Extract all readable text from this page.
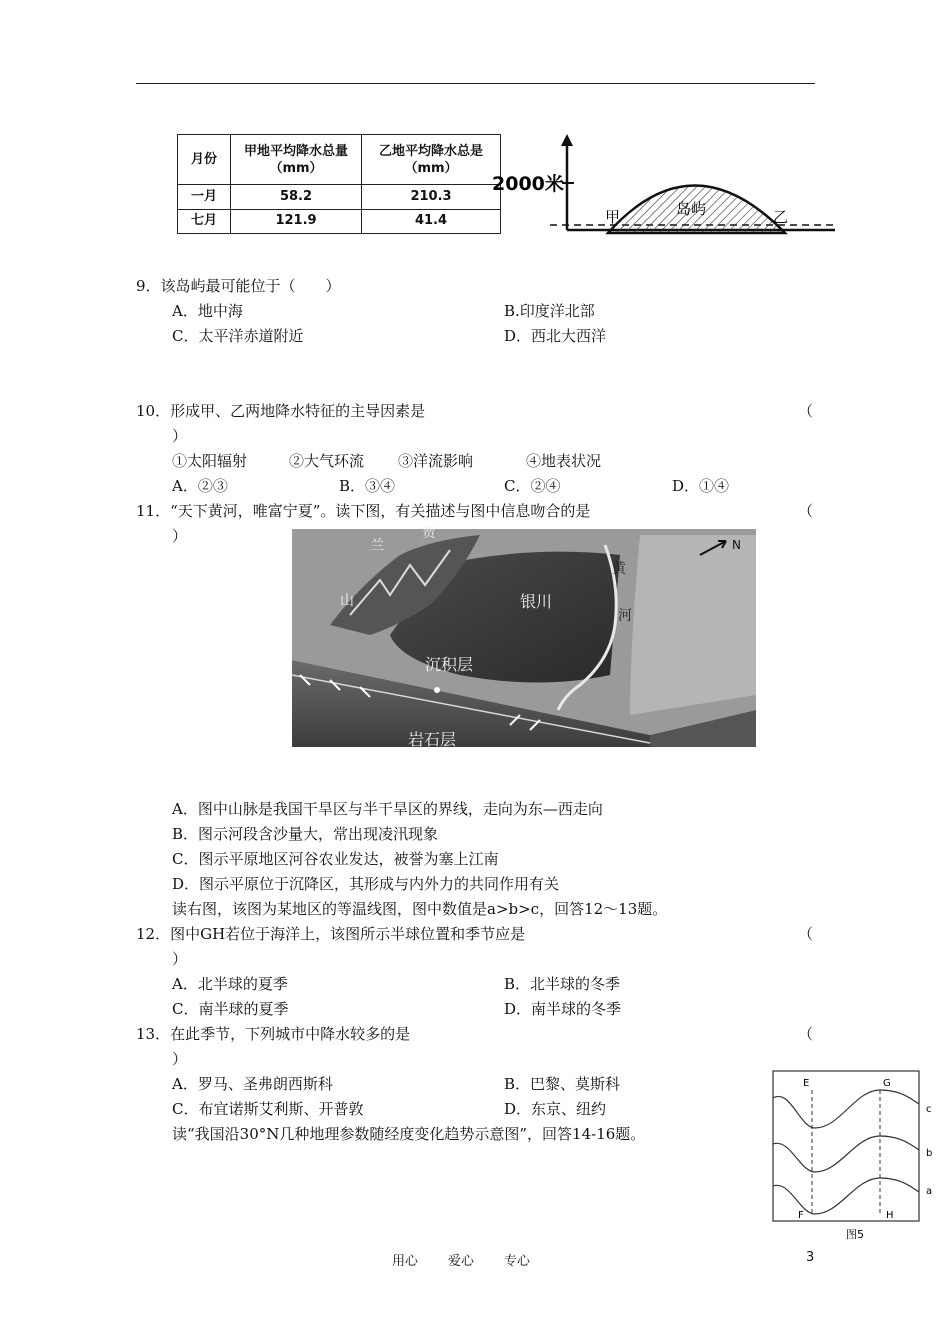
月份	甲地平均降水总量（mm）	乙地平均降水总是（mm）
一月	58.2	210.3
七月	121.9	41.4
2000米
甲	乙
岛屿
9．该岛屿最可能位于（　　）
A．地中海	B.印度洋北部
C．太平洋赤道附近	D．西北大西洋
10．形成甲、乙两地降水特征的主导因素是	（
）
①太阳辐射	②大气环流 ③洋流影响	④地表状况
A．②③	B．③④	C．②④	D．①④
11．“天下黄河，唯富宁夏”。读下图，有关描述与图中信息吻合的是	（
）
山
兰
贺
黄
河
银川
沉积层
岩石层
N
A．图中山脉是我国干旱区与半干旱区的界线，走向为东—西走向
B．图示河段含沙量大，常出现凌汛现象
C．图示平原地区河谷农业发达，被誉为塞上江南
D．图示平原位于沉降区，其形成与内外力的共同作用有关
读右图，该图为某地区的等温线图，图中数值是a>b>c，回答12～13题。
12．图中GH若位于海洋上，该图所示半球位置和季节应是	（
）
A．北半球的夏季	B．北半球的冬季
C．南半球的夏季	D．南半球的冬季
13．在此季节，下列城市中降水较多的是	（
）
A．罗马、圣弗朗西斯科	B．巴黎、莫斯科
C．布宜诺斯艾利斯、开普敦	D．东京、纽约
读“我国沿30°N几种地理参数随经度变化趋势示意图”，回答14-16题。
E	G
F	H
c
b
a
图5
用心 爱心 专心	3
